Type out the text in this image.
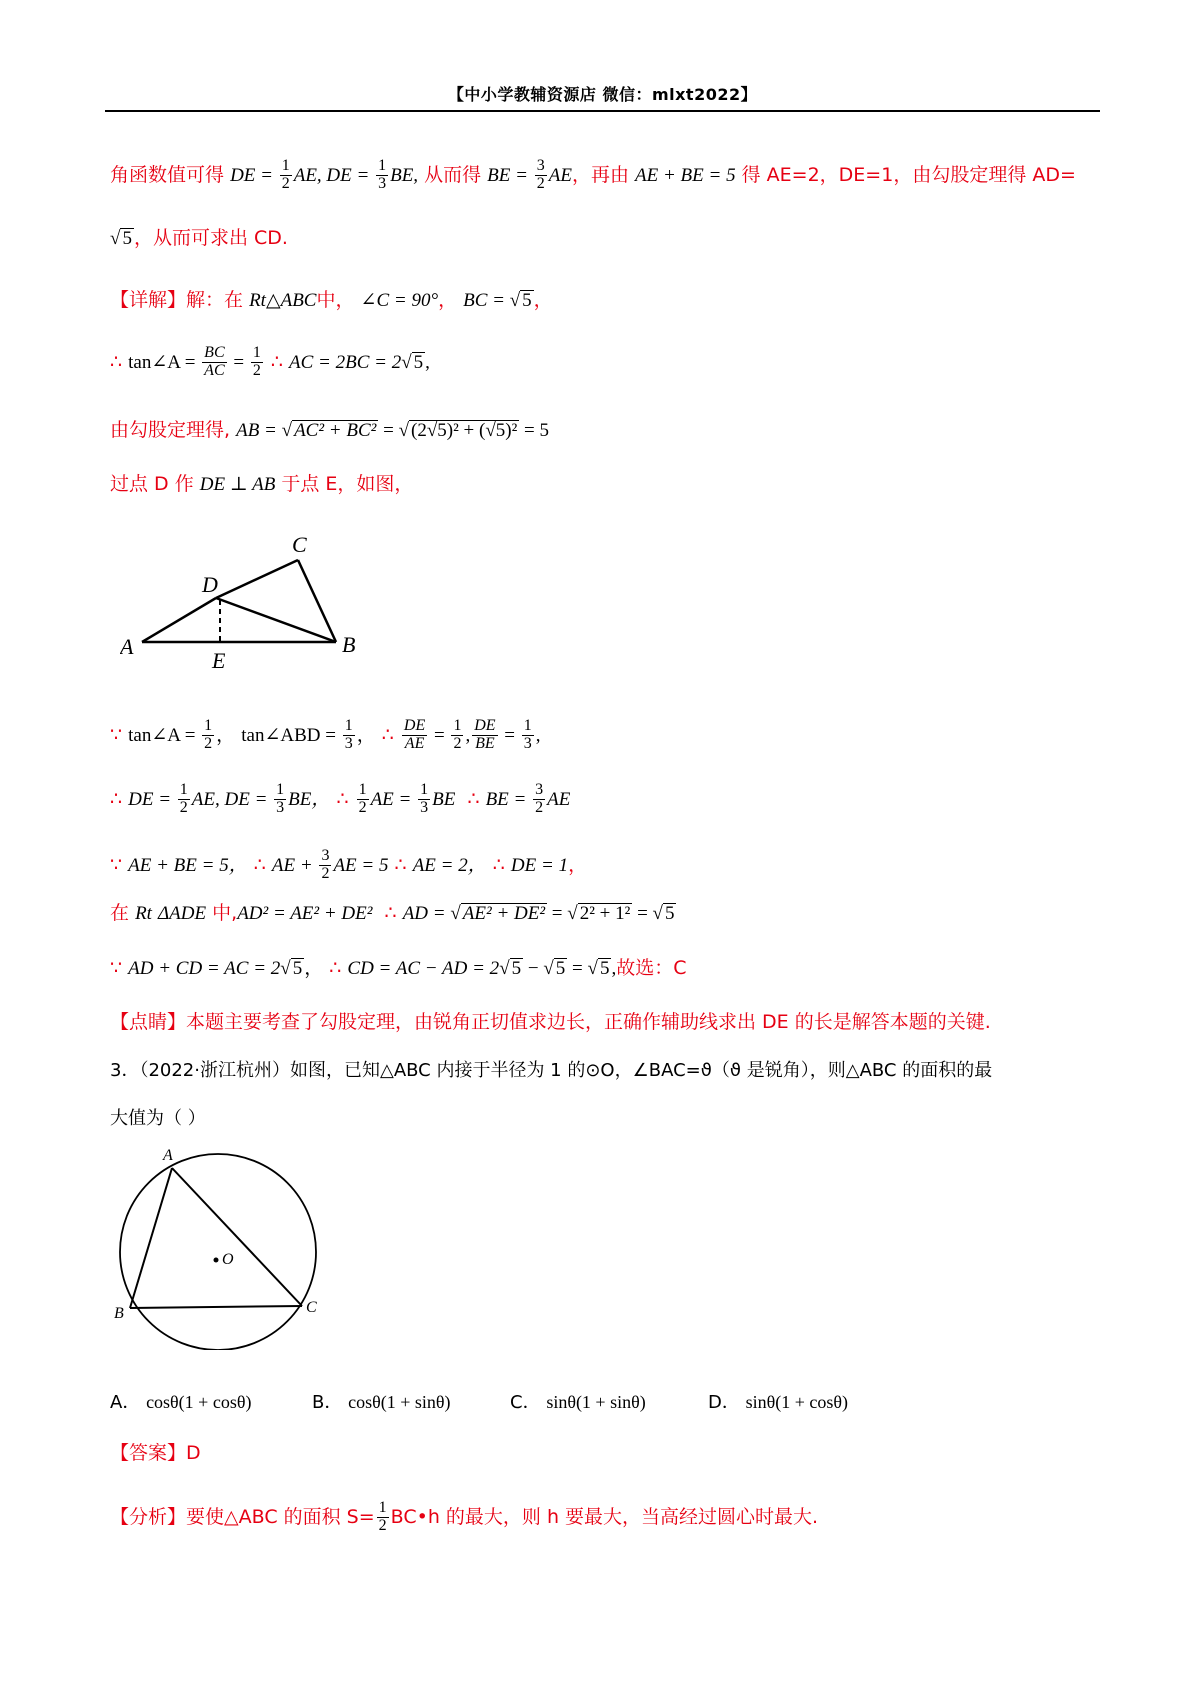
【中小学教辅资源店 微信：mlxt2022】
角函数值可得 DE = $\frac{1}{2}$ AE, DE = $\frac{1}{3}$ BE, 从而得 BE = $\frac{3}{2}$ AE，再由 AE + BE = 5 得 AE=2，DE=1，由勾股定理得 AD=
√ 5 ，从而可求出 CD.
【详解】解：在 Rt△ABC中， ∠C = 90°， BC = √ 5 ，
∴ tan∠A = $\frac{BC}{AC} = \frac{1}{2}$ ∴ AC = 2BC = 2√ 5 ,
由勾股定理得, AB = √ AC² + BC² = √ (2√5)² + (√5)² = 5
过点 D 作 DE ⊥ AB 于点 E，如图，
A	B
C
D
E
∵ tan∠A = $\frac{1}{2}$ ， tan∠ABD = $\frac{1}{3}$ ， ∴ $\frac{DE}{AE} = \frac{1}{2}$ , $\frac{DE}{BE} = \frac{1}{3}$ ,
∴ DE = $\frac{1}{2}$ AE, DE = $\frac{1}{3}$ BE， ∴ $\frac{1}{2}$ AE = $\frac{1}{3}$ BE ∴ BE = $\frac{3}{2}$ AE
∵ AE + BE = 5， ∴ AE + $\frac{3}{2}$ AE = 5 ∴ AE = 2， ∴ DE = 1，
在 Rt ΔADE 中,AD² = AE² + DE² ∴ AD = √ AE² + DE² = √ 2² + 1² = √ 5
∵ AD + CD = AC = 2√ 5 ， ∴ CD = AC − AD = 2√ 5 − √ 5 = √ 5 ,故选：C
【点睛】本题主要考查了勾股定理，由锐角正切值求边长，正确作辅助线求出 DE 的长是解答本题的关键.
3．（2022·浙江杭州）如图，已知△ABC 内接于半径为 1 的⊙O，∠BAC=ϑ（ϑ 是锐角），则△ABC 的面积的最
大值为（ ）
A
B	C
O
A． cosθ(1 + cosθ)	B． cosθ(1 + sinθ)	C． sinθ(1 + sinθ)	D． sinθ(1 + cosθ)
【答案】D
【分析】要使△ABC 的面积 $S= \frac{1}{2}$ BC•h 的最大，则 h 要最大，当高经过圆心时最大.
